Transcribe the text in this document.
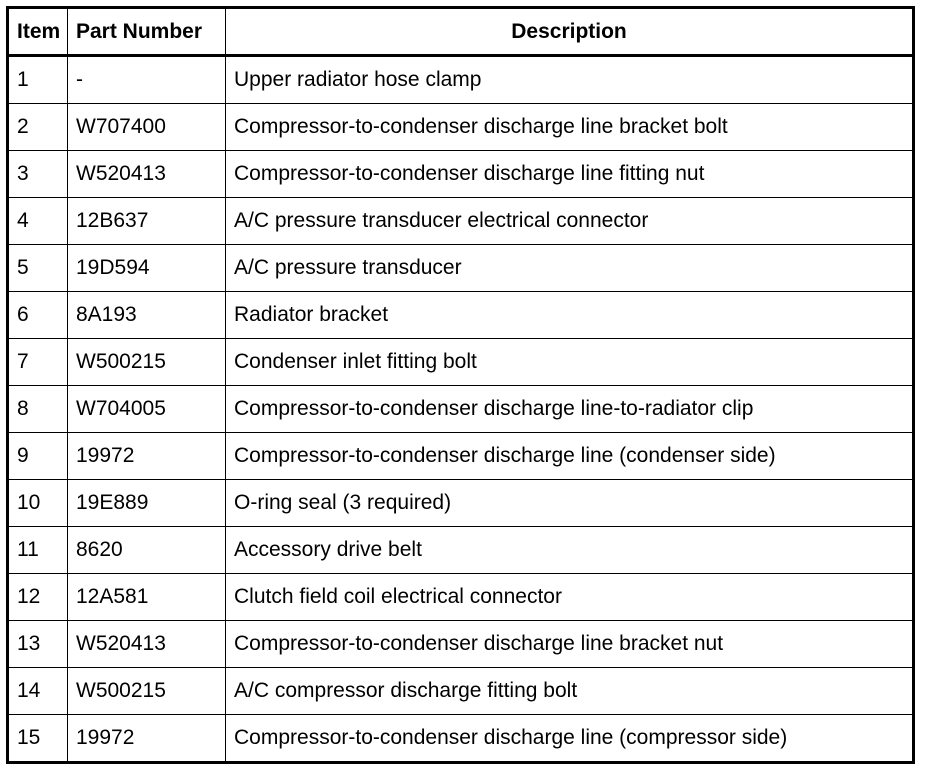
Item	Part Number	Description
1	-	Upper radiator hose clamp
2	W707400	Compressor-to-condenser discharge line bracket bolt
3	W520413	Compressor-to-condenser discharge line fitting nut
4	12B637	A/C pressure transducer electrical connector
5	19D594	A/C pressure transducer
6	8A193	Radiator bracket
7	W500215	Condenser inlet fitting bolt
8	W704005	Compressor-to-condenser discharge line-to-radiator clip
9	19972	Compressor-to-condenser discharge line (condenser side)
10	19E889	O-ring seal (3 required)
11	8620	Accessory drive belt
12	12A581	Clutch field coil electrical connector
13	W520413	Compressor-to-condenser discharge line bracket nut
14	W500215	A/C compressor discharge fitting bolt
15	19972	Compressor-to-condenser discharge line (compressor side)
